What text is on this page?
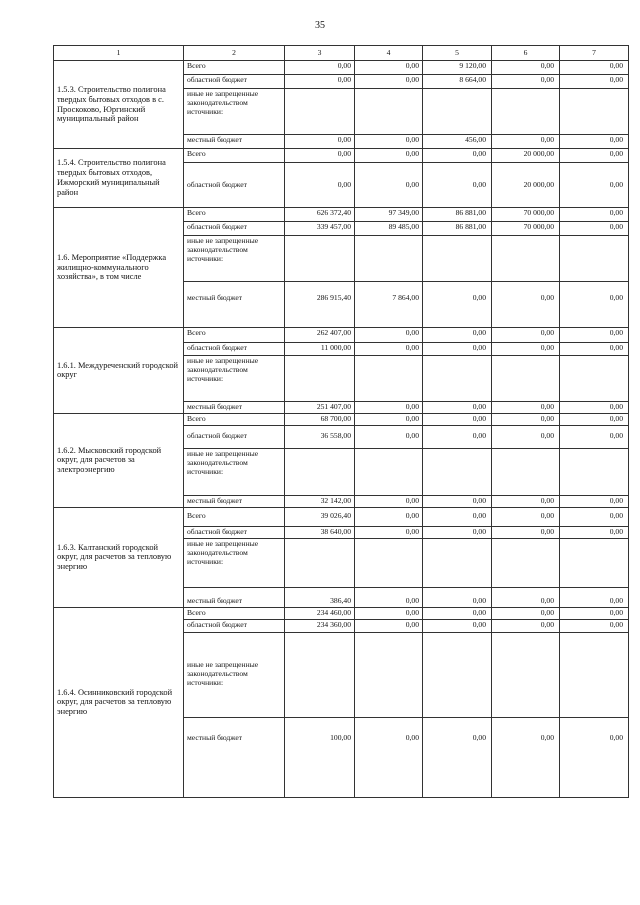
35
1	2	3	4	5	6	7
1.5.3. Строительство полигона твердых бытовых отходов в с. Проскоково, Юргинский муниципальный район	Всего	0,00	0,00	9 120,00	0,00	0,00
	областной бюджет	0,00	0,00	8 664,00	0,00	0,00
	иные не запрещенные законодательством источники:					
	местный бюджет	0,00	0,00	456,00	0,00	0,00
1.5.4. Строительство полигона твердых бытовых отходов, Ижморский муниципальный район	Всего	0,00	0,00	0,00	20 000,00	0,00
	областной бюджет	0,00	0,00	0,00	20 000,00	0,00
1.6. Мероприятие «Поддержка жилищно-коммунального хозяйства», в том числе	Всего	626 372,40	97 349,00	86 881,00	70 000,00	0,00
	областной бюджет	339 457,00	89 485,00	86 881,00	70 000,00	0,00
	иные не запрещенные законодательством источники:					
	местный бюджет	286 915,40	7 864,00	0,00	0,00	0,00
1.6.1. Междуреченский городской округ	Всего	262 407,00	0,00	0,00	0,00	0,00
	областной бюджет	11 000,00	0,00	0,00	0,00	0,00
	иные не запрещенные законодательством источники:					
	местный бюджет	251 407,00	0,00	0,00	0,00	0,00
1.6.2. Мысковский городской округ, для расчетов за электроэнергию	Всего	68 700,00	0,00	0,00	0,00	0,00
	областной бюджет	36 558,00	0,00	0,00	0,00	0,00
	иные не запрещенные законодательством источники:					
	местный бюджет	32 142,00	0,00	0,00	0,00	0,00
1.6.3. Калтанский городской округ, для расчетов за тепловую энергию	Всего	39 026,40	0,00	0,00	0,00	0,00
	областной бюджет	38 640,00	0,00	0,00	0,00	0,00
	иные не запрещенные законодательством источники:					
	местный бюджет	386,40	0,00	0,00	0,00	0,00
1.6.4. Осинниковский городской округ, для расчетов за тепловую энергию	Всего	234 460,00	0,00	0,00	0,00	0,00
	областной бюджет	234 360,00	0,00	0,00	0,00	0,00
	иные не запрещенные законодательством источники:					
	местный бюджет	100,00	0,00	0,00	0,00	0,00
